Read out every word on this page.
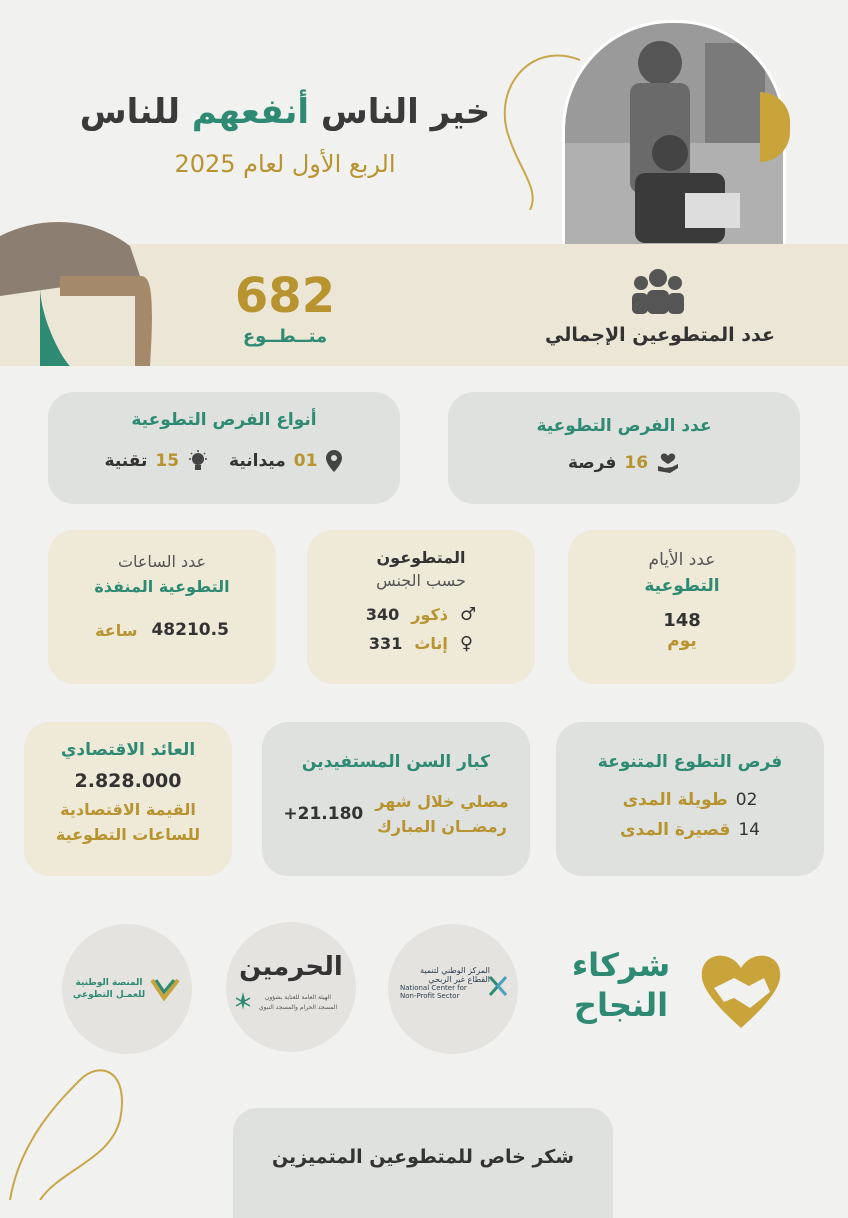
خير الناس أنفعهم للناس
الربع الأول لعام 2025
682
متــطــوع	عدد المتطوعين الإجمالي
عدد الفرص التطوعية
16
فرصة
أنواع الفرص التطوعية
01
ميدانية
15
تقنية
عدد الأيام
التطوعية
148
يوم
المتطوعون
حسب الجنس
♂
ذكور
340
♀
إناث
331
عدد الساعات
التطوعية المنفذة
48210.5
ساعة
فرص التطوع المتنوعة
02
طويلة المدى
14
قصيرة المدى
كبار السن المستفيدين
مصلي خلال شهر
رمضــان المبارك
+21.180
العائد الاقتصادي
2.828.000
القيمة الاقتصادية
للساعات التطوعية
شركاء
النجاح
المركز الوطني لتنمية
القطاع غير الربحي
National Center for
Non-Profit Sector
الحرمين
الهيئة العامة للعناية بشؤون
المسجد الحرام والمسجد النبوي
المنصة الوطنية
للعمـل التطوعي
شكر خاص للمتطوعين المتميزين
